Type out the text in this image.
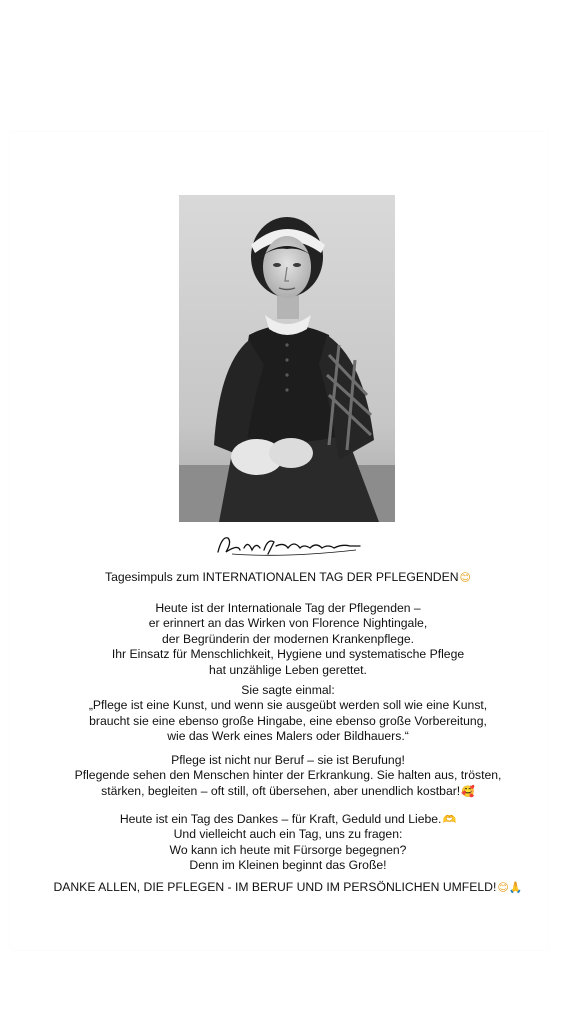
Tagesimpuls zum INTERNATIONALEN TAG DER PFLEGENDEN😊
Heute ist der Internationale Tag der Pflegenden –
er erinnert an das Wirken von Florence Nightingale,
der Begründerin der modernen Krankenpflege.
Ihr Einsatz für Menschlichkeit, Hygiene und systematische Pflege
hat unzählige Leben gerettet.
Sie sagte einmal:
„Pflege ist eine Kunst, und wenn sie ausgeübt werden soll wie eine Kunst,
braucht sie eine ebenso große Hingabe, eine ebenso große Vorbereitung,
wie das Werk eines Malers oder Bildhauers.“
Pflege ist nicht nur Beruf – sie ist Berufung!
Pflegende sehen den Menschen hinter der Erkrankung. Sie halten aus, trösten,
stärken, begleiten – oft still, oft übersehen, aber unendlich kostbar!🥰
Heute ist ein Tag des Dankes – für Kraft, Geduld und Liebe.🫶
Und vielleicht auch ein Tag, uns zu fragen:
Wo kann ich heute mit Fürsorge begegnen?
Denn im Kleinen beginnt das Große!
DANKE ALLEN, DIE PFLEGEN - IM BERUF UND IM PERSÖNLICHEN UMFELD!😊🙏
